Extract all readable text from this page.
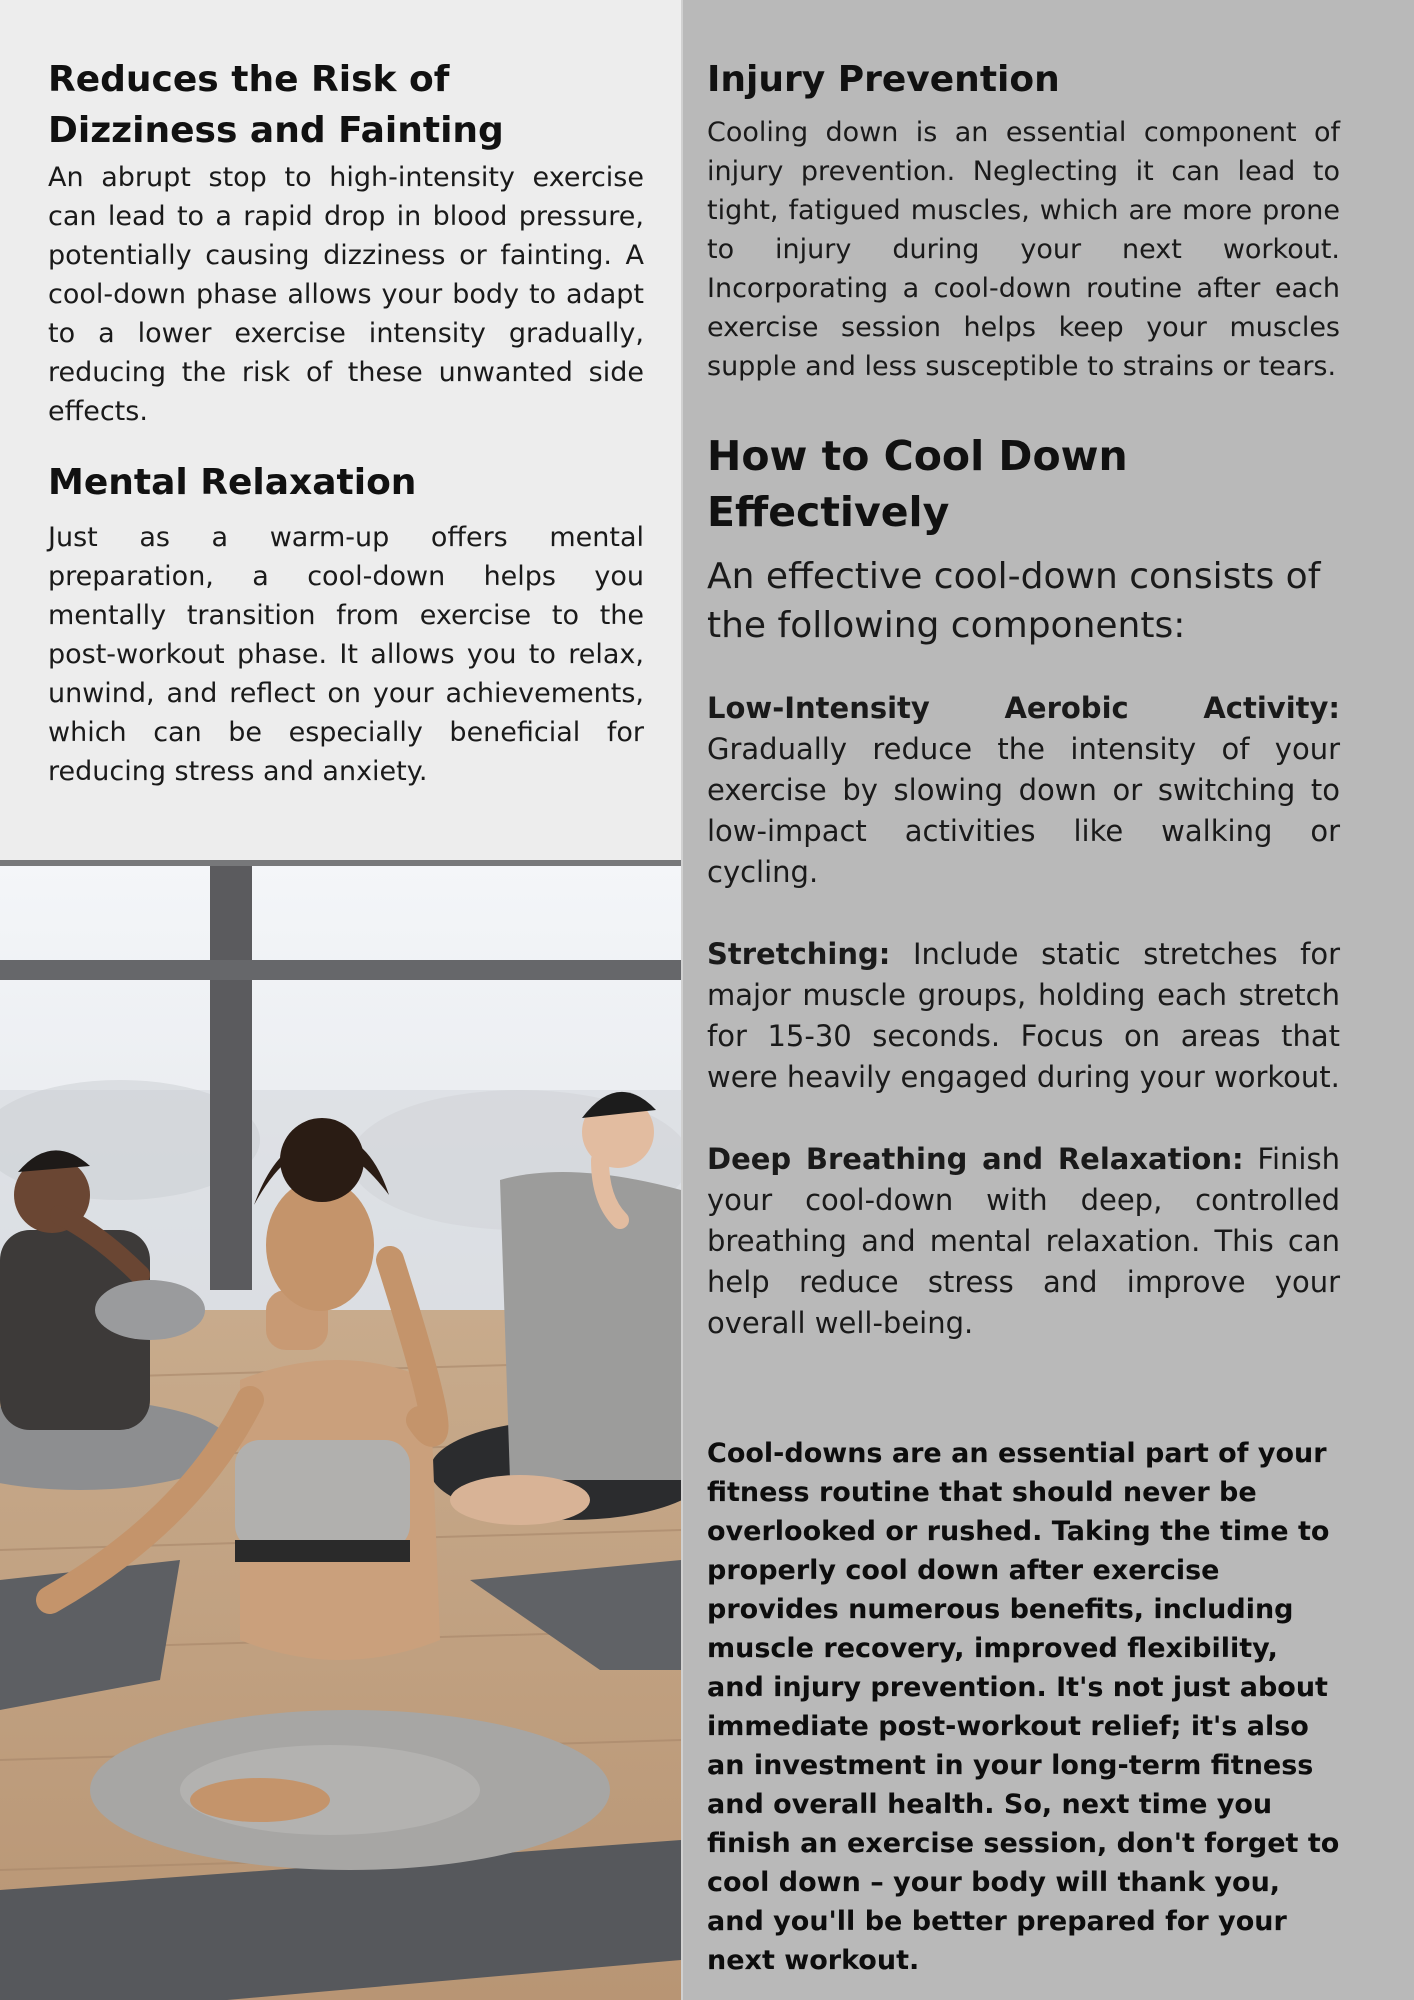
Reduces the Risk of Dizziness and Fainting

An abrupt stop to high-intensity exercise can lead to a rapid drop in blood pressure, potentially causing dizziness or fainting. A cool-down phase allows your body to adapt to a lower exercise intensity gradually, reducing the risk of these unwanted side effects.

Mental Relaxation

Just as a warm-up offers mental preparation, a cool-down helps you mentally transition from exercise to the post-workout phase. It allows you to relax, unwind, and reflect on your achievements, which can be especially beneficial for reducing stress and anxiety.

Injury Prevention

Cooling down is an essential component of injury prevention. Neglecting it can lead to tight, fatigued muscles, which are more prone to injury during your next workout. Incorporating a cool-down routine after each exercise session helps keep your muscles supple and less susceptible to strains or tears.

How to Cool Down Effectively

An effective cool-down consists of the following components:

Low-Intensity Aerobic Activity: Gradually reduce the intensity of your exercise by slowing down or switching to low-impact activities like walking or cycling.

Stretching: Include static stretches for major muscle groups, holding each stretch for 15-30 seconds. Focus on areas that were heavily engaged during your workout.

Deep Breathing and Relaxation: Finish your cool-down with deep, controlled breathing and mental relaxation. This can help reduce stress and improve your overall well-being.

Cool-downs are an essential part of your fitness routine that should never be overlooked or rushed. Taking the time to properly cool down after exercise provides numerous benefits, including muscle recovery, improved flexibility, and injury prevention. It's not just about immediate post-workout relief; it's also an investment in your long-term fitness and overall health. So, next time you finish an exercise session, don't forget to cool down – your body will thank you, and you'll be better prepared for your next workout.
